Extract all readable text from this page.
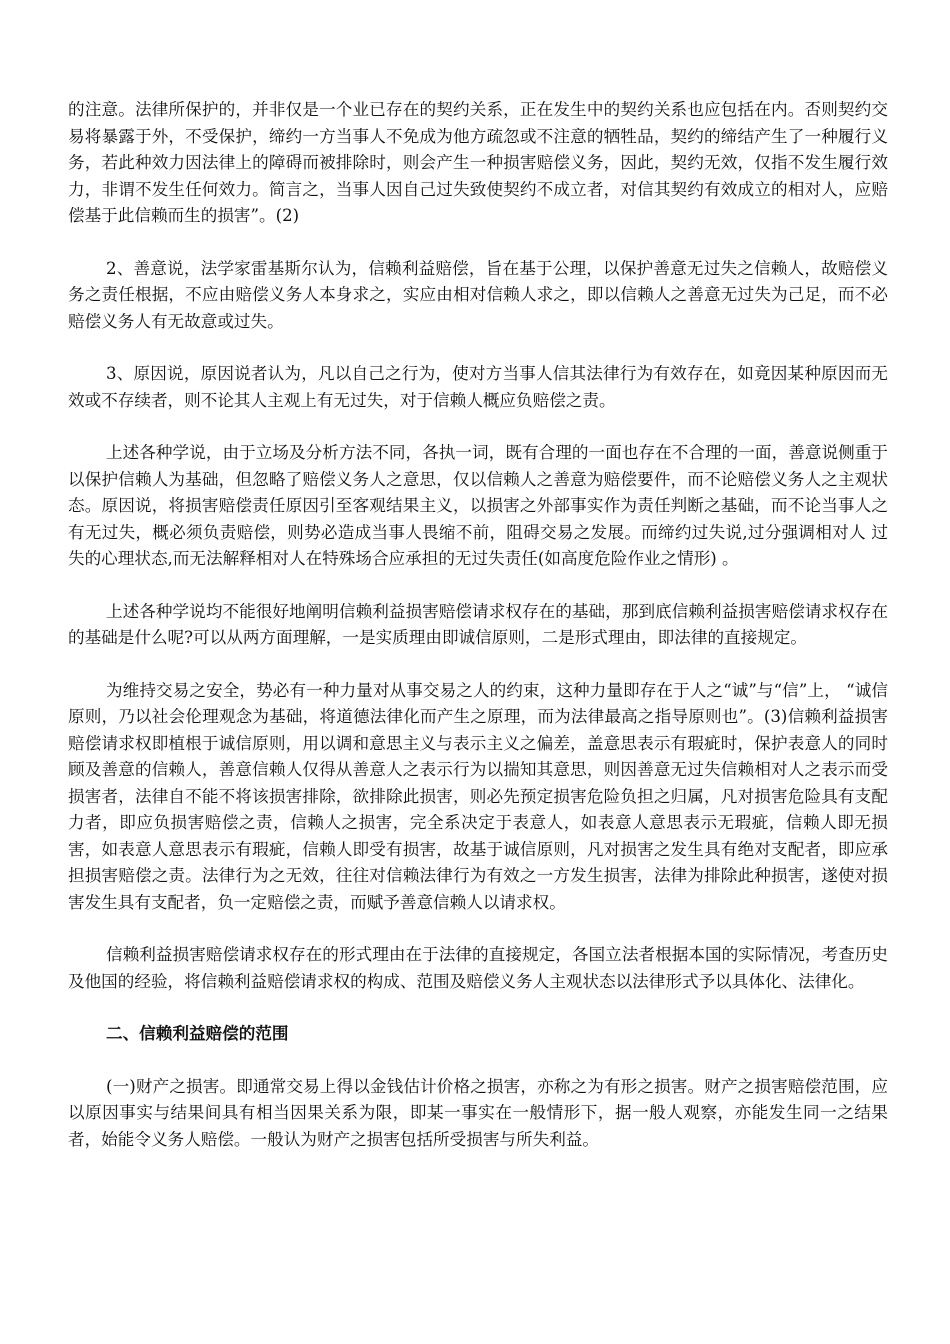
的注意。法律所保护的，并非仅是一个业已存在的契约关系，正在发生中的契约关系也应包括在内。否则契约交易将暴露于外，不受保护，缔约一方当事人不免成为他方疏忽或不注意的牺牲品，契约的缔结产生了一种履行义务，若此种效力因法律上的障碍而被排除时，则会产生一种损害赔偿义务，因此，契约无效，仅指不发生履行效力，非谓不发生任何效力。简言之，当事人因自己过失致使契约不成立者，对信其契约有效成立的相对人，应赔偿基于此信赖而生的损害”。(2)

2、善意说，法学家雷基斯尔认为，信赖利益赔偿，旨在基于公理，以保护善意无过失之信赖人，故赔偿义务之责任根据，不应由赔偿义务人本身求之，实应由相对信赖人求之，即以信赖人之善意无过失为己足，而不必赔偿义务人有无故意或过失。

3、原因说，原因说者认为，凡以自己之行为，使对方当事人信其法律行为有效存在，如竟因某种原因而无效或不存续者，则不论其人主观上有无过失，对于信赖人概应负赔偿之责。

上述各种学说，由于立场及分析方法不同，各执一词，既有合理的一面也存在不合理的一面，善意说侧重于以保护信赖人为基础，但忽略了赔偿义务人之意思，仅以信赖人之善意为赔偿要件，而不论赔偿义务人之主观状态。原因说，将损害赔偿责任原因引至客观结果主义，以损害之外部事实作为责任判断之基础，而不论当事人之有无过失，概必须负责赔偿，则势必造成当事人畏缩不前，阻碍交易之发展。而缔约过失说,过分强调相对人 过失的心理状态,而无法解释相对人在特殊场合应承担的无过失责任(如高度危险作业之情形) 。

上述各种学说均不能很好地阐明信赖利益损害赔偿请求权存在的基础，那到底信赖利益损害赔偿请求权存在的基础是什么呢?可以从两方面理解，一是实质理由即诚信原则，二是形式理由，即法律的直接规定。

为维持交易之安全，势必有一种力量对从事交易之人的约束，这种力量即存在于人之“诚”与“信”上， “诚信原则，乃以社会伦理观念为基础，将道德法律化而产生之原理，而为法律最高之指导原则也”。(3)信赖利益损害赔偿请求权即植根于诚信原则，用以调和意思主义与表示主义之偏差，盖意思表示有瑕疵时，保护表意人的同时顾及善意的信赖人，善意信赖人仅得从善意人之表示行为以揣知其意思，则因善意无过失信赖相对人之表示而受损害者，法律自不能不将该损害排除，欲排除此损害，则必先预定损害危险负担之归属，凡对损害危险具有支配力者，即应负损害赔偿之责，信赖人之损害，完全系决定于表意人，如表意人意思表示无瑕疵，信赖人即无损害，如表意人意思表示有瑕疵，信赖人即受有损害，故基于诚信原则，凡对损害之发生具有绝对支配者，即应承担损害赔偿之责。法律行为之无效，往往对信赖法律行为有效之一方发生损害，法律为排除此种损害，遂使对损害发生具有支配者，负一定赔偿之责，而赋予善意信赖人以请求权。

信赖利益损害赔偿请求权存在的形式理由在于法律的直接规定，各国立法者根据本国的实际情况，考查历史及他国的经验，将信赖利益赔偿请求权的构成、范围及赔偿义务人主观状态以法律形式予以具体化、法律化。

二、信赖利益赔偿的范围

(一)财产之损害。即通常交易上得以金钱估计价格之损害，亦称之为有形之损害。财产之损害赔偿范围，应以原因事实与结果间具有相当因果关系为限，即某一事实在一般情形下，据一般人观察，亦能发生同一之结果者，始能令义务人赔偿。一般认为财产之损害包括所受损害与所失利益。
